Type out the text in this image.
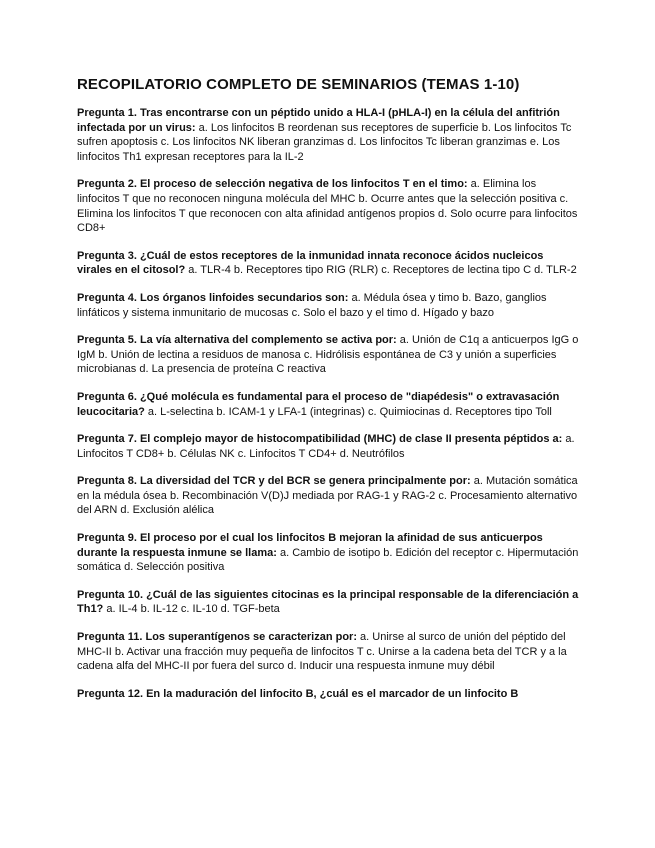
RECOPILATORIO COMPLETO DE SEMINARIOS (TEMAS 1-10)
Pregunta 1. Tras encontrarse con un péptido unido a HLA-I (pHLA-I) en la célula del anfitrión infectada por un virus: a. Los linfocitos B reordenan sus receptores de superficie b. Los linfocitos Tc sufren apoptosis c. Los linfocitos NK liberan granzimas d. Los linfocitos Tc liberan granzimas e. Los linfocitos Th1 expresan receptores para la IL-2
Pregunta 2. El proceso de selección negativa de los linfocitos T en el timo: a. Elimina los linfocitos T que no reconocen ninguna molécula del MHC b. Ocurre antes que la selección positiva c. Elimina los linfocitos T que reconocen con alta afinidad antígenos propios d. Solo ocurre para linfocitos CD8+
Pregunta 3. ¿Cuál de estos receptores de la inmunidad innata reconoce ácidos nucleicos virales en el citosol? a. TLR-4 b. Receptores tipo RIG (RLR) c. Receptores de lectina tipo C d. TLR-2
Pregunta 4. Los órganos linfoides secundarios son: a. Médula ósea y timo b. Bazo, ganglios linfáticos y sistema inmunitario de mucosas c. Solo el bazo y el timo d. Hígado y bazo
Pregunta 5. La vía alternativa del complemento se activa por: a. Unión de C1q a anticuerpos IgG o IgM b. Unión de lectina a residuos de manosa c. Hidrólisis espontánea de C3 y unión a superficies microbianas d. La presencia de proteína C reactiva
Pregunta 6. ¿Qué molécula es fundamental para el proceso de "diapédesis" o extravasación leucocitaria? a. L-selectina b. ICAM-1 y LFA-1 (integrinas) c. Quimiocinas d. Receptores tipo Toll
Pregunta 7. El complejo mayor de histocompatibilidad (MHC) de clase II presenta péptidos a: a. Linfocitos T CD8+ b. Células NK c. Linfocitos T CD4+ d. Neutrófilos
Pregunta 8. La diversidad del TCR y del BCR se genera principalmente por: a. Mutación somática en la médula ósea b. Recombinación V(D)J mediada por RAG-1 y RAG-2 c. Procesamiento alternativo del ARN d. Exclusión alélica
Pregunta 9. El proceso por el cual los linfocitos B mejoran la afinidad de sus anticuerpos durante la respuesta inmune se llama: a. Cambio de isotipo b. Edición del receptor c. Hipermutación somática d. Selección positiva
Pregunta 10. ¿Cuál de las siguientes citocinas es la principal responsable de la diferenciación a Th1? a. IL-4 b. IL-12 c. IL-10 d. TGF-beta
Pregunta 11. Los superantígenos se caracterizan por: a. Unirse al surco de unión del péptido del MHC-II b. Activar una fracción muy pequeña de linfocitos T c. Unirse a la cadena beta del TCR y a la cadena alfa del MHC-II por fuera del surco d. Inducir una respuesta inmune muy débil
Pregunta 12. En la maduración del linfocito B, ¿cuál es el marcador de un linfocito B
